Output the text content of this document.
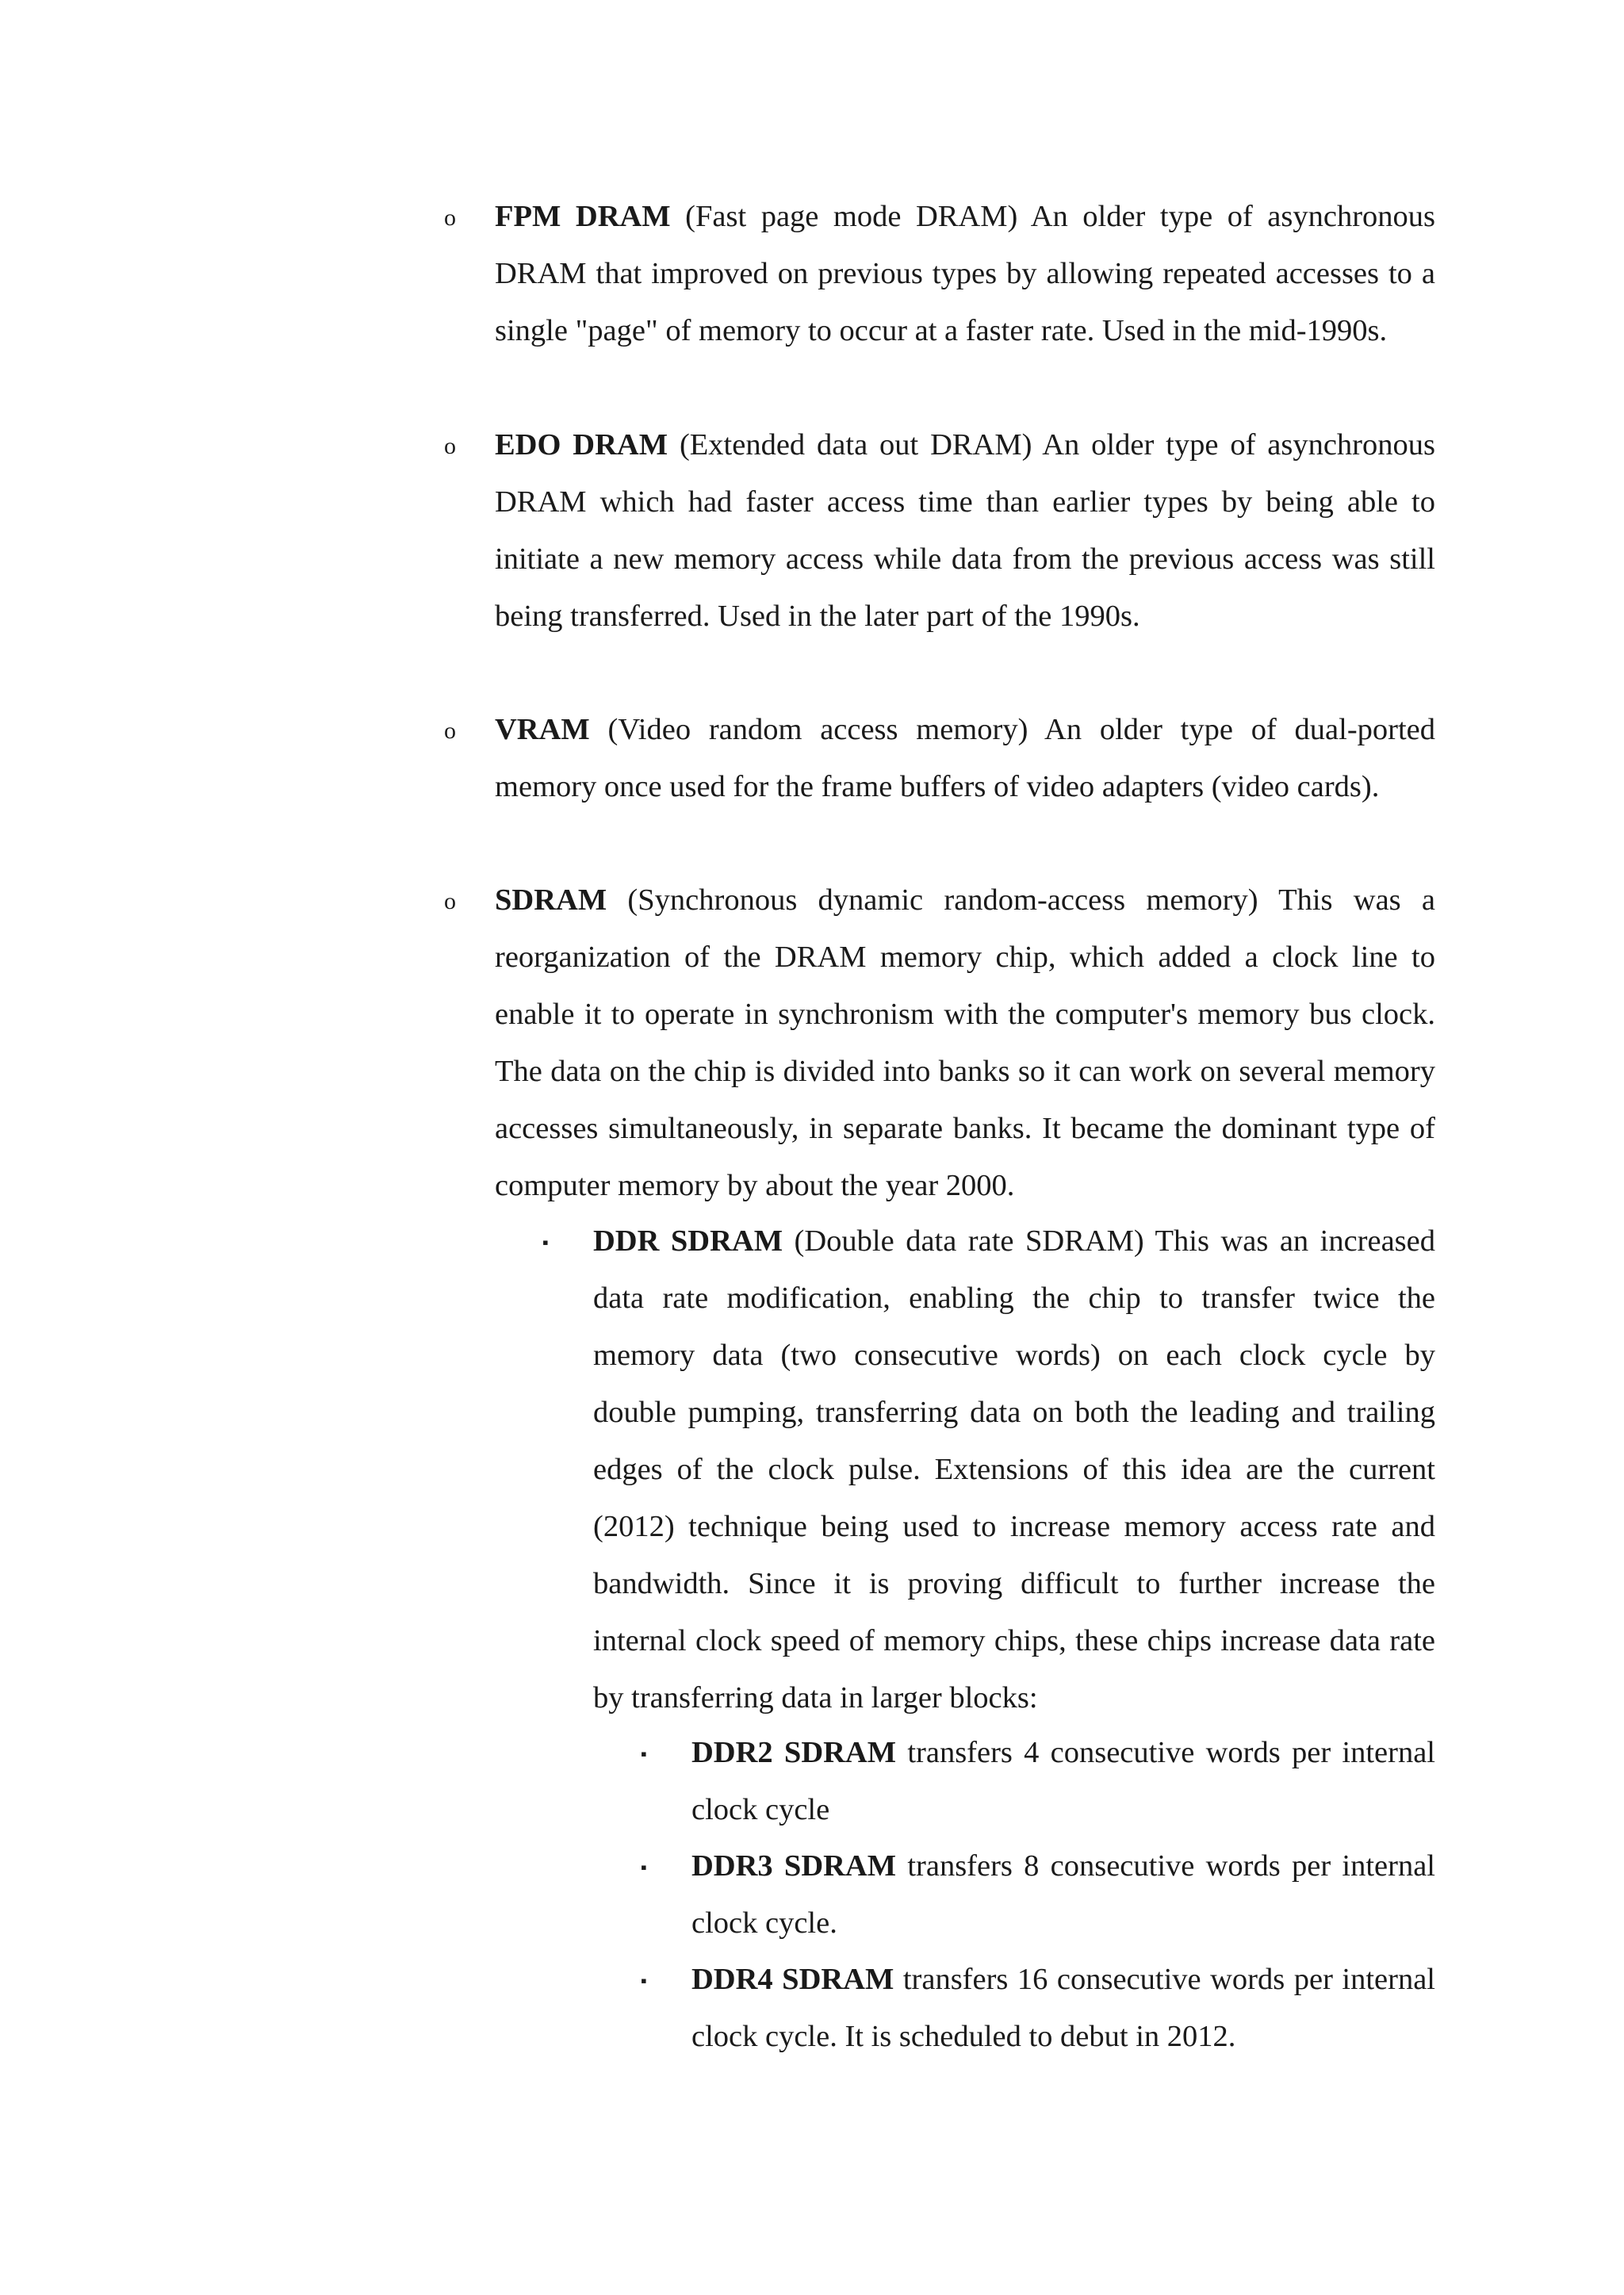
o FPM DRAM (Fast page mode DRAM) An older type of asynchronous DRAM that improved on previous types by allowing repeated accesses to a single "page" of memory to occur at a faster rate. Used in the mid-1990s.
o EDO DRAM (Extended data out DRAM) An older type of asynchronous DRAM which had faster access time than earlier types by being able to initiate a new memory access while data from the previous access was still being transferred. Used in the later part of the 1990s.
o VRAM (Video random access memory) An older type of dual-ported memory once used for the frame buffers of video adapters (video cards).
o SDRAM (Synchronous dynamic random-access memory) This was a reorganization of the DRAM memory chip, which added a clock line to enable it to operate in synchronism with the computer's memory bus clock. The data on the chip is divided into banks so it can work on several memory accesses simultaneously, in separate banks. It became the dominant type of computer memory by about the year 2000.
▪ DDR SDRAM (Double data rate SDRAM) This was an increased data rate modification, enabling the chip to transfer twice the memory data (two consecutive words) on each clock cycle by double pumping, transferring data on both the leading and trailing edges of the clock pulse. Extensions of this idea are the current (2012) technique being used to increase memory access rate and bandwidth. Since it is proving difficult to further increase the internal clock speed of memory chips, these chips increase data rate by transferring data in larger blocks:
▪ DDR2 SDRAM transfers 4 consecutive words per internal clock cycle
▪ DDR3 SDRAM transfers 8 consecutive words per internal clock cycle.
▪ DDR4 SDRAM transfers 16 consecutive words per internal clock cycle. It is scheduled to debut in 2012.
